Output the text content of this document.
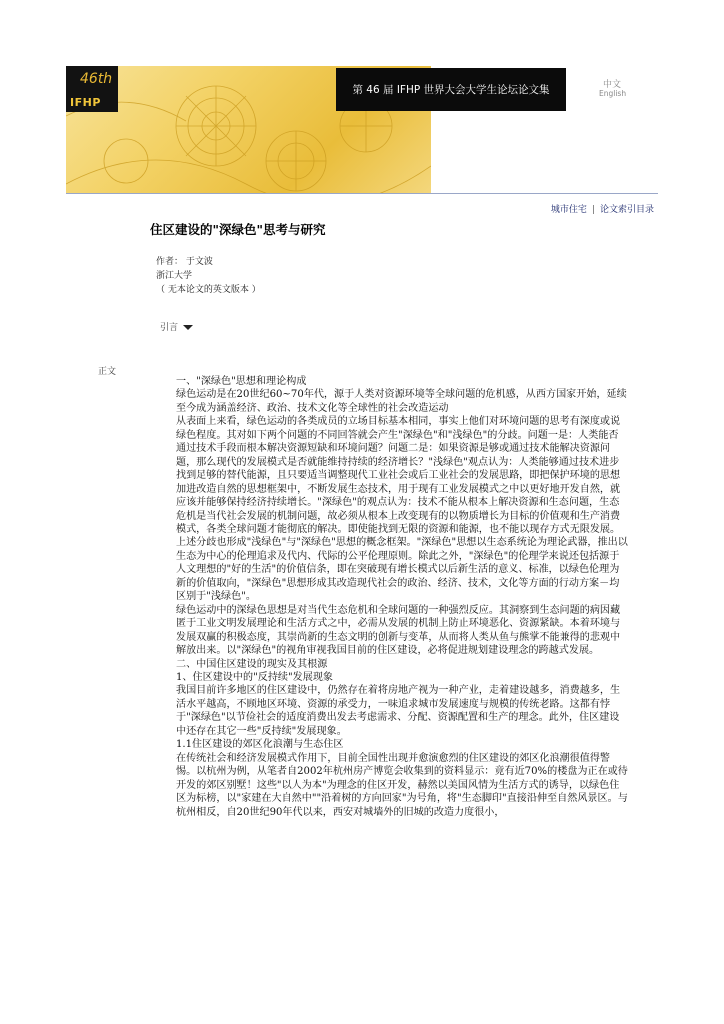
46th
IFHP
第 46 届 IFHP 世界大会大学生论坛论文集	中文
English
城市住宅 | 论文索引目录
住区建设的"深绿色"思考与研究
作者： 于文波
浙江大学
（ 无本论文的英文版本 ）
引言
正文

一、"深绿色"思想和理论构成

绿色运动是在20世纪60~70年代，源于人类对资源环境等全球问题的危机感，从西方国家开始，延续至今成为涵盖经济、政治、技术文化等全球性的社会改造运动

从表面上来看，绿色运动的各类成员的立场目标基本相同，事实上他们对环境问题的思考有深度或说绿色程度。其对如下两个问题的不同回答就会产生"深绿色"和"浅绿色"的分歧。问题一是：人类能否通过技术手段而根本解决资源短缺和环境问题？问题二是：如果资源是够或通过技术能解决资源问题，那么现代的发展模式是否就能维持持续的经济增长？"浅绿色"观点认为：人类能够通过技术进步找到足够的替代能源，且只要适当调整现代工业社会或后工业社会的发展思路，即把保护环境的思想加进改造自然的思想框架中，不断发展生态技术，用于现有工业发展模式之中以更好地开发自然，就应该并能够保持经济持续增长。"深绿色"的观点认为：技术不能从根本上解决资源和生态问题，生态危机是当代社会发展的机制问题，故必须从根本上改变现有的以物质增长为目标的价值观和生产消费模式，各类全球问题才能彻底的解决。即使能找到无限的资源和能源，也不能以现存方式无限发展。上述分歧也形成"浅绿色"与"深绿色"思想的概念框架。"深绿色"思想以生态系统论为理论武器，推出以生态为中心的伦理追求及代内、代际的公平伦理原则。除此之外，"深绿色"的伦理学来说还包括源于人文理想的"好的生活"的价值信条，即在突破现有增长模式以后新生活的意义、标准，以绿色伦理为新的价值取向，"深绿色"思想形成其改造现代社会的政治、经济、技术，文化等方面的行动方案－均区别于"浅绿色"。

绿色运动中的深绿色思想是对当代生态危机和全球问题的一种强烈反应。其洞察到生态问题的病因藏匿于工业文明发展理论和生活方式之中，必需从发展的机制上防止环境恶化、资源紧缺。本着环境与发展双赢的积极态度，其崇尚新的生态文明的创新与变革，从而将人类从鱼与熊掌不能兼得的悲观中解放出来。以"深绿色"的视角审视我国目前的住区建设，必将促进规划建设理念的跨越式发展。

二、中国住区建设的现实及其根源

1、住区建设中的"反持续"发展现象

我国目前许多地区的住区建设中，仍然存在着将房地产视为一种产业，走着建设越多，消费越多，生活水平越高，不顾地区环境、资源的承受力，一味追求城市发展速度与规模的传统老路。这都有悖于"深绿色"以节俭社会的适度消费出发去考虑需求、分配、资源配置和生产的理念。此外，住区建设中还存在其它一些"反持续"发展现象。

1.1住区建设的郊区化浪潮与生态住区

在传统社会和经济发展模式作用下，目前全国性出现并愈演愈烈的住区建设的郊区化浪潮很值得警惕。以杭州为例，从笔者自2002年杭州房产博览会收集到的资料显示：竟有近70%的楼盘为正在或待开发的郊区别墅！这些"以人为本"为理念的住区开发，赫然以美国风情为生活方式的诱导，以绿色住区为标榜，以"家建在大自然中""沿着树的方向回家"为号角，将"生态脚印"直接沿伸至自然风景区。与杭州相反，自20世纪90年代以来，西安对城墙外的旧城的改造力度很小，
